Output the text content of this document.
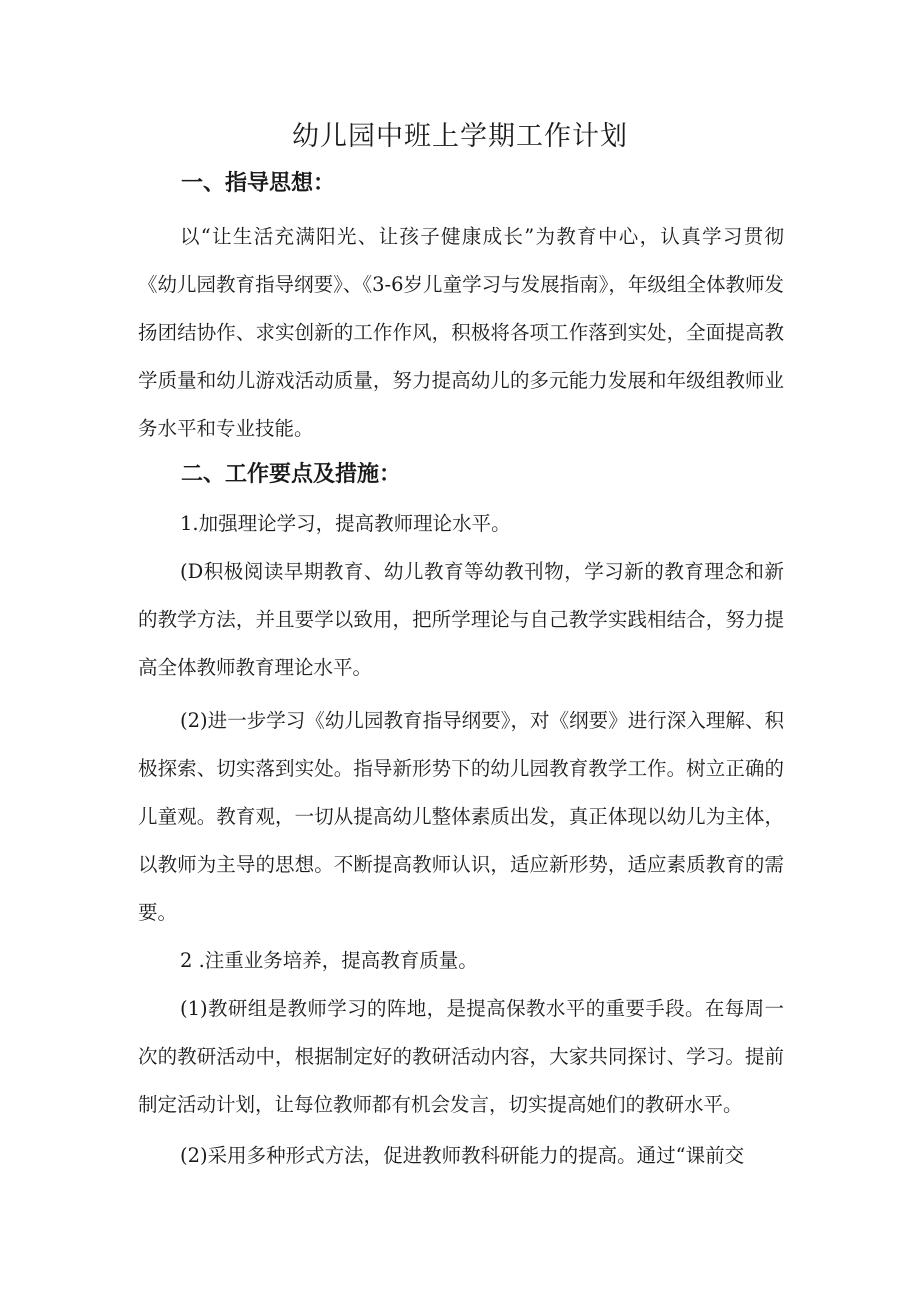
幼儿园中班上学期工作计划
一、指导思想：

以“让生活充满阳光、让孩子健康成长”为教育中心，认真学习贯彻《幼儿园教育指导纲要》、《3-6岁儿童学习与发展指南》，年级组全体教师发扬团结协作、求实创新的工作作风，积极将各项工作落到实处，全面提高教学质量和幼儿游戏活动质量，努力提高幼儿的多元能力发展和年级组教师业务水平和专业技能。

二、工作要点及措施：

1.加强理论学习，提高教师理论水平。

(D积极阅读早期教育、幼儿教育等幼教刊物，学习新的教育理念和新的教学方法，并且要学以致用，把所学理论与自己教学实践相结合，努力提高全体教师教育理论水平。

(2)进一步学习《幼儿园教育指导纲要》，对《纲要》进行深入理解、积极探索、切实落到实处。指导新形势下的幼儿园教育教学工作。树立正确的儿童观。教育观，一切从提高幼儿整体素质出发，真正体现以幼儿为主体，以教师为主导的思想。不断提高教师认识，适应新形势，适应素质教育的需要。

2 .注重业务培养，提高教育质量。

(1)教研组是教师学习的阵地，是提高保教水平的重要手段。在每周一次的教研活动中，根据制定好的教研活动内容，大家共同探讨、学习。提前制定活动计划，让每位教师都有机会发言，切实提高她们的教研水平。

(2)采用多种形式方法，促进教师教科研能力的提高。通过“课前交
